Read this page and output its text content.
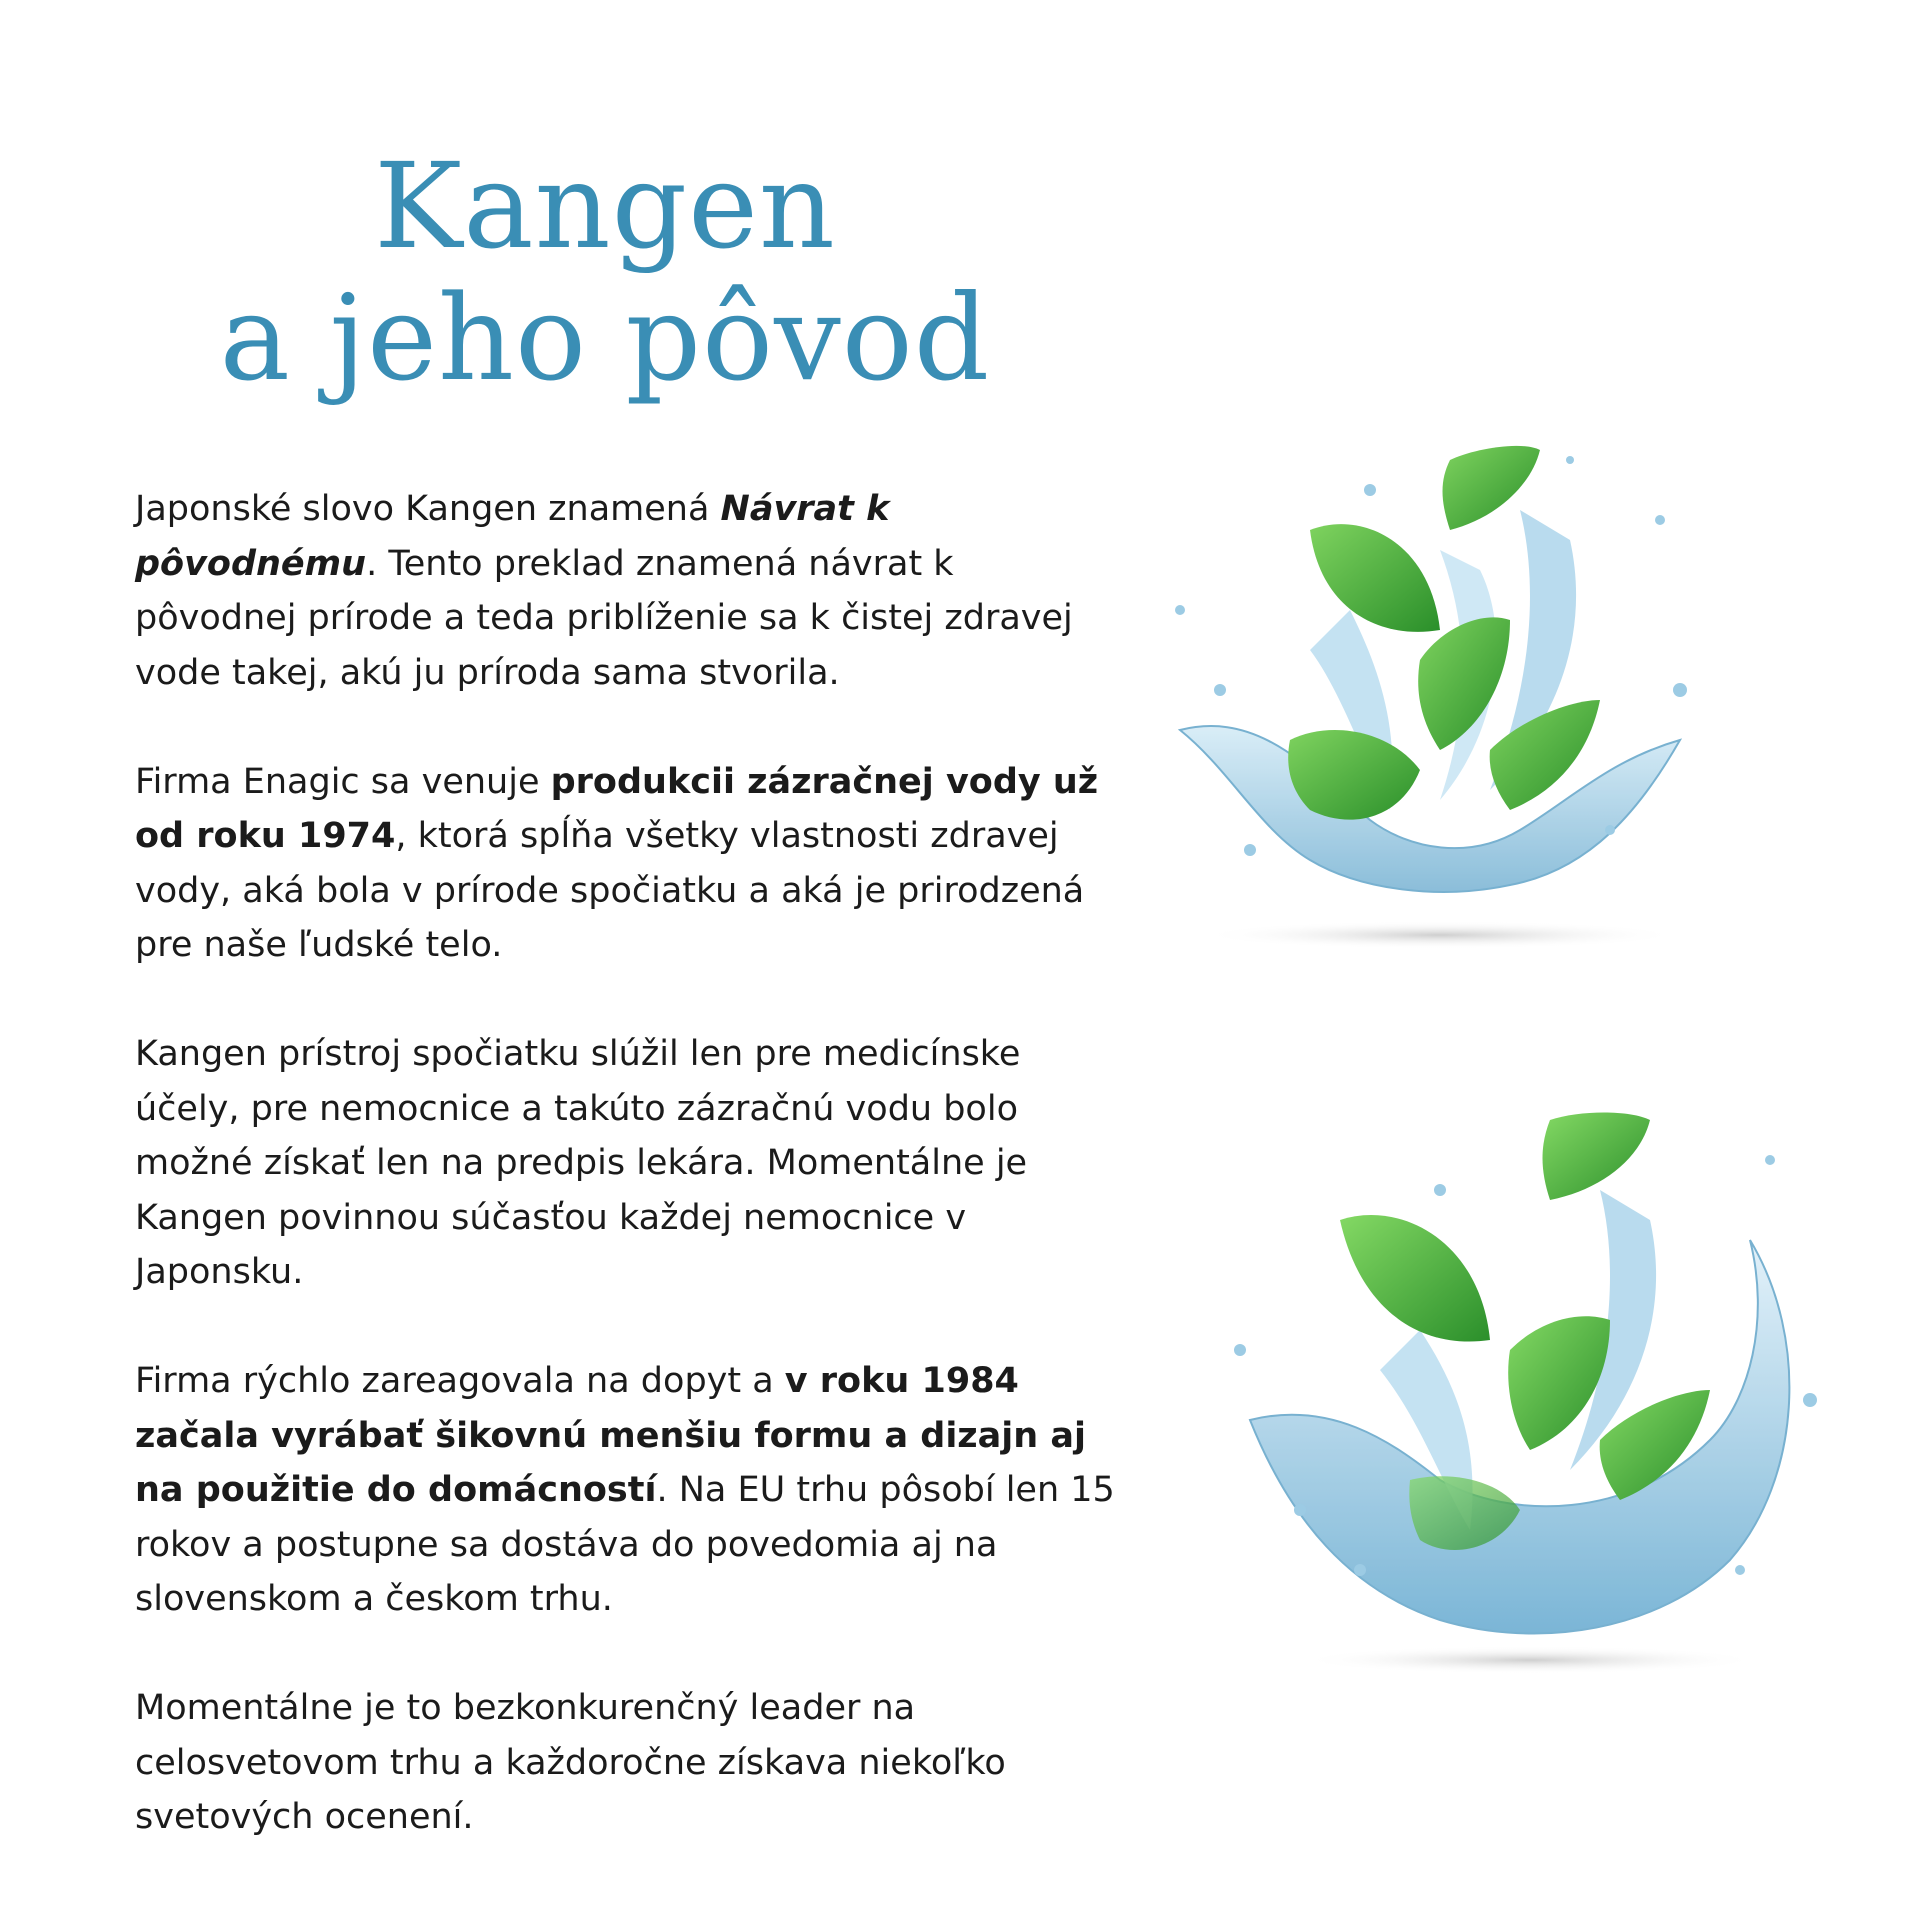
Kangen
a jeho pôvod

Japonské slovo Kangen znamená Návrat k pôvodnému. Tento preklad znamená návrat k pôvodnej prírode a teda priblíženie sa k čistej zdravej vode takej, akú ju príroda sama stvorila.

Firma Enagic sa venuje produkcii zázračnej vody už od roku 1974, ktorá spĺňa všetky vlastnosti zdravej vody, aká bola v prírode spočiatku a aká je prirodzená pre naše ľudské telo.

Kangen prístroj spočiatku slúžil len pre medicínske účely, pre nemocnice a takúto zázračnú vodu bolo možné získať len na predpis lekára. Momentálne je Kangen povinnou súčasťou každej nemocnice v Japonsku.

Firma rýchlo zareagovala na dopyt a v roku 1984 začala vyrábať šikovnú menšiu formu a dizajn aj na použitie do domácností. Na EU trhu pôsobí len 15 rokov a postupne sa dostáva do povedomia aj na slovenskom a českom trhu.

Momentálne je to bezkonkurenčný leader na celosvetovom trhu a každoročne získava niekoľko svetových ocenení.
